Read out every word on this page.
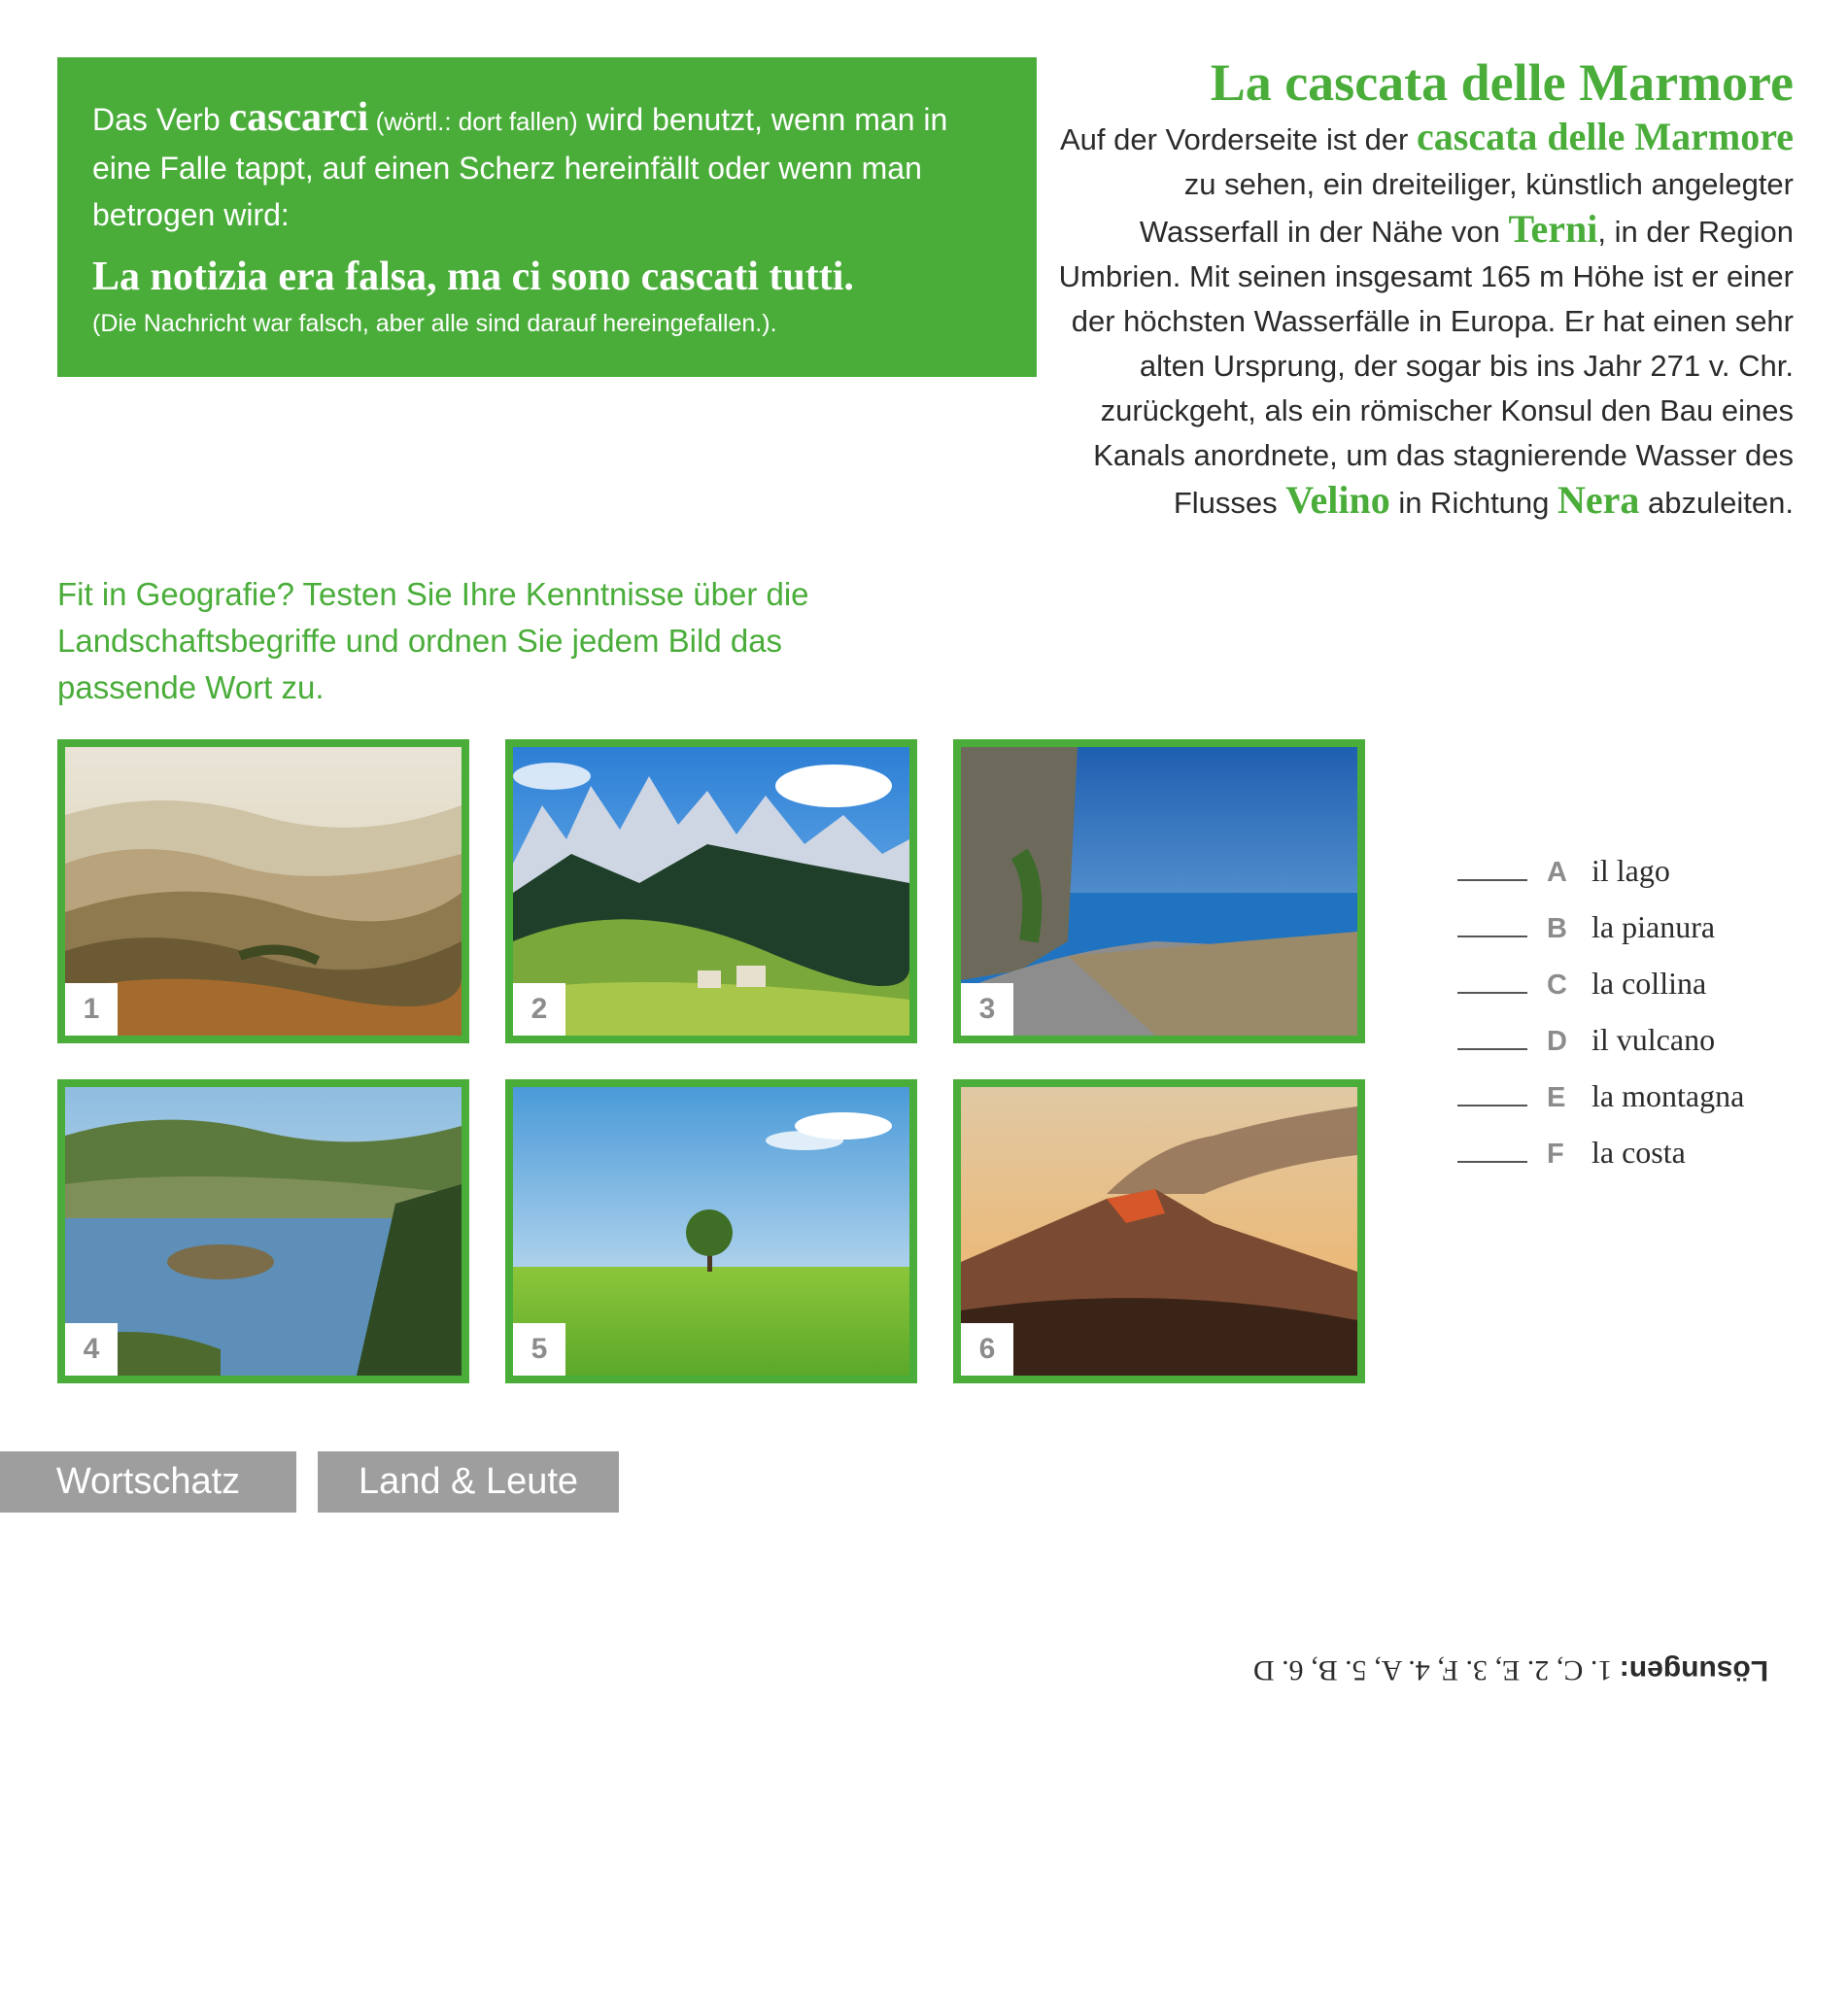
Das Verb cascarci (wörtl.: dort fallen) wird benutzt, wenn man in eine Falle tappt, auf einen Scherz hereinfällt oder wenn man betrogen wird:

La notizia era falsa, ma ci sono cascati tutti.

(Die Nachricht war falsch, aber alle sind darauf hereingefallen.).

La cascata delle Marmore

Auf der Vorderseite ist der cascata delle Marmore zu sehen, ein dreiteiliger, künstlich angelegter Wasserfall in der Nähe von Terni, in der Region Umbrien. Mit seinen insgesamt 165 m Höhe ist er einer der höchsten Wasserfälle in Europa. Er hat einen sehr alten Ursprung, der sogar bis ins Jahr 271 v. Chr. zurückgeht, als ein römischer Konsul den Bau eines Kanals anordnete, um das stagnierende Wasser des Flusses Velino in Richtung Nera abzuleiten.

Fit in Geografie? Testen Sie Ihre Kenntnisse über die Landschaftsbegriffe und ordnen Sie jedem Bild das passende Wort zu.

1	2	3
4	5	6
A il lago
B la pianura
C la collina
D il vulcano
E la montagna
F la costa
Wortschatz	Land & Leute
Lösungen: 1. C, 2. E, 3. F, 4. A, 5. B, 6. D
